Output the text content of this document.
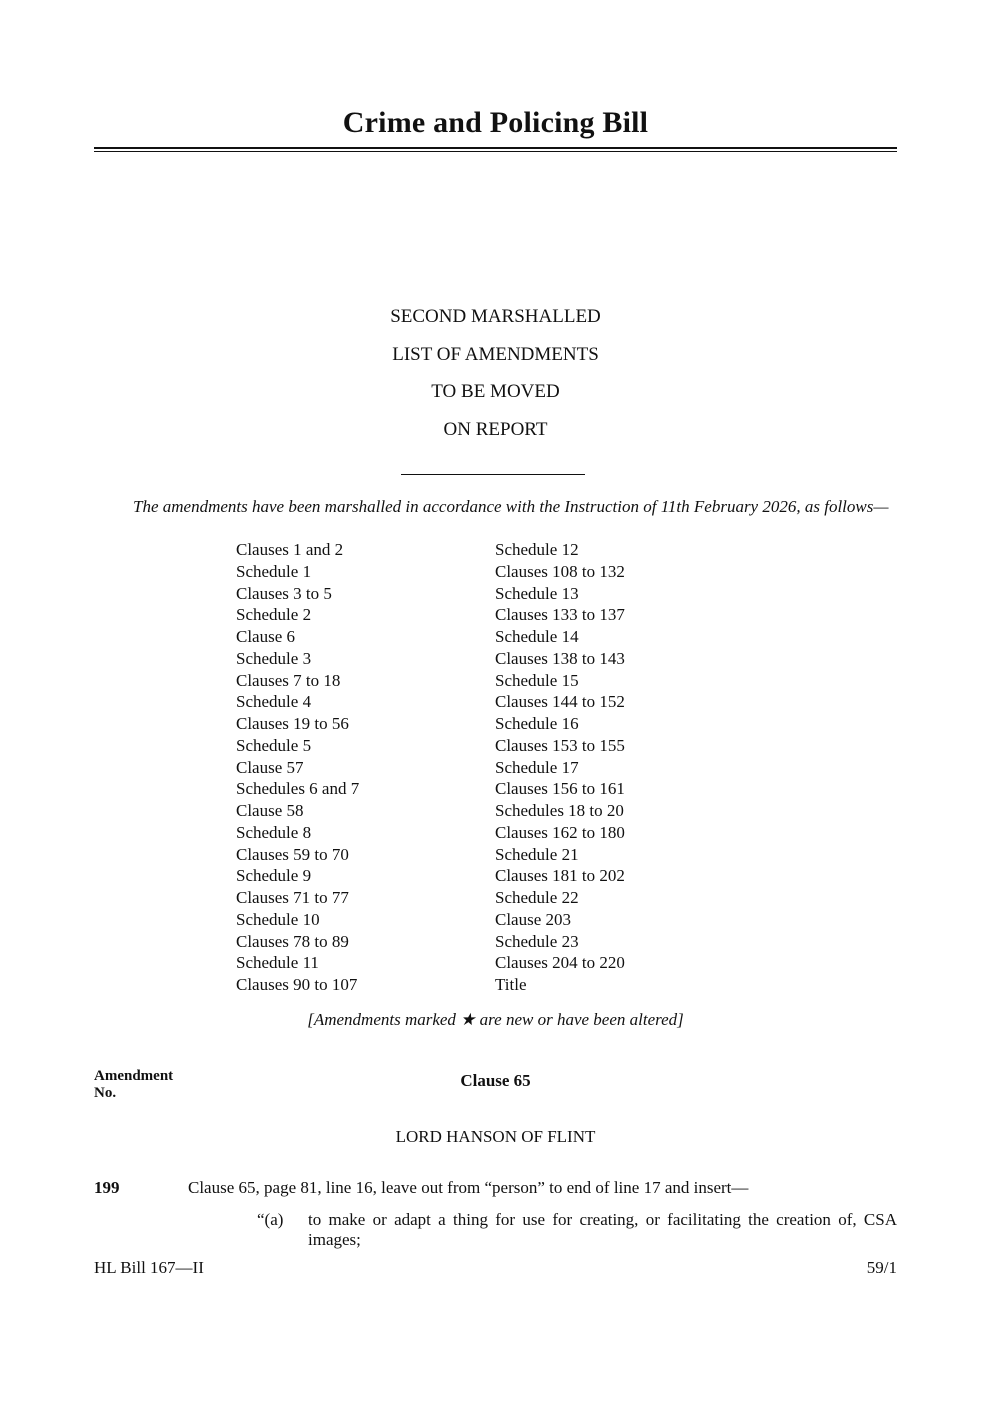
Crime and Policing Bill
SECOND MARSHALLED
LIST OF AMENDMENTS
TO BE MOVED
ON REPORT
The amendments have been marshalled in accordance with the Instruction of 11th February 2026, as follows—
Clauses 1 and 2
Schedule 1
Clauses 3 to 5
Schedule 2
Clause 6
Schedule 3
Clauses 7 to 18
Schedule 4
Clauses 19 to 56
Schedule 5
Clause 57
Schedules 6 and 7
Clause 58
Schedule 8
Clauses 59 to 70
Schedule 9
Clauses 71 to 77
Schedule 10
Clauses 78 to 89
Schedule 11
Clauses 90 to 107
Schedule 12
Clauses 108 to 132
Schedule 13
Clauses 133 to 137
Schedule 14
Clauses 138 to 143
Schedule 15
Clauses 144 to 152
Schedule 16
Clauses 153 to 155
Schedule 17
Clauses 156 to 161
Schedules 18 to 20
Clauses 162 to 180
Schedule 21
Clauses 181 to 202
Schedule 22
Clause 203
Schedule 23
Clauses 204 to 220
Title
[Amendments marked ★ are new or have been altered]
Amendment
No.
Clause 65
LORD HANSON OF FLINT
199	Clause 65, page 81, line 16, leave out from “person” to end of line 17 and insert—
“(a) to make or adapt a thing for use for creating, or facilitating the creation of, CSA images;
HL Bill 167—II	59/1
